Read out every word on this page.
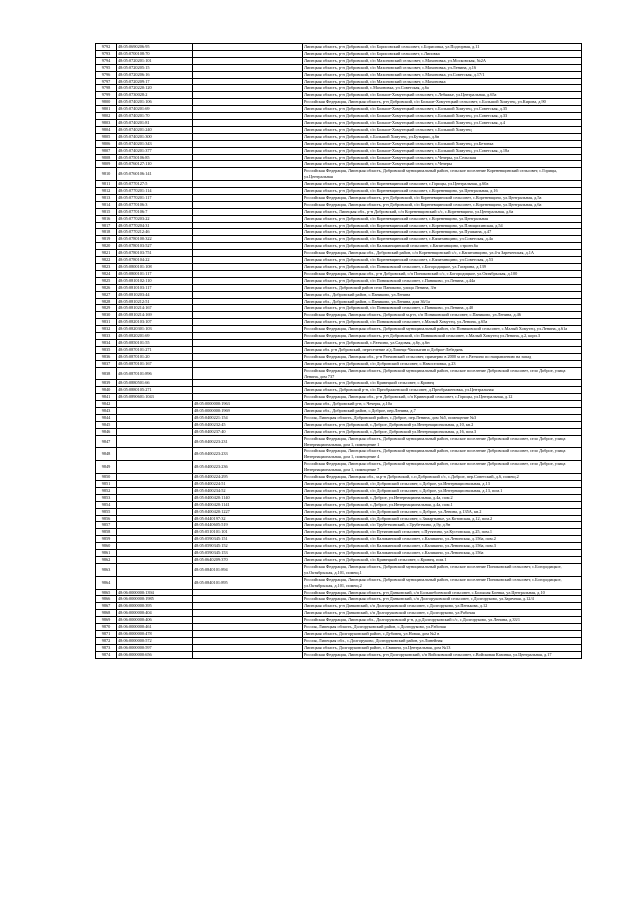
9792	48:05:0690206:95		Липецкая область, р-н Добровский, с/п Борисовский сельсовет, с.Борисовка, ул.Подгорная, д.11
9793	48:05:0700108:70		Липецкая область, р-н Добровский, с/п Борисовский сельсовет, с.Липовка
9794	48:05:0720201:101		Липецкая область, р-н Добровский, с/п Махоновский сельсовет, с.Махоновка, ул.Московская, №2А
9795	48:05:0720205:15		Липецкая область, р-н Добровский, с/п Махоновский сельсовет, с.Махоновка, ул.Ленина, д.16
9796	48:05:0720206:16		Липецкая область, р-н Добровский, с/п Махоновский сельсовет, с.Махоновка, ул.Советская, д.17/1
9797	48:05:0720209:17		Липецкая область, р-н Добровский, с/п Махоновский сельсовет, с.Махоновка
9798	48:05:0720220:120		Липецкая область, р-н Добровский, с.Махоновка, ул.Советская, д.6а
9799	48:05:0730028:2		Липецкая область, р-н Добровский, с/п Больше-Хомутецкий сельсовет, с.Лебяжье, ул.Центральная, д.65а
9800	48:05:0740201:106		Российская Федерация, Липецкая область, р-н Добровский, с/п Больше-Хомутецкий сельсовет, с.Большой Хомутец, ул.Кирова, д.90
9801	48:05:0740201:69		Липецкая область, р-н Добровский, с/п Больше-Хомутецкий сельсовет, с.Большой Хомутец, ул.Советская, д.35
9802	48:05:0740201:70		Липецкая область, р-н Добровский, с/п Больше-Хомутецкий сельсовет, с.Большой Хомутец, ул.Советская, д.33
9803	48:05:0740201:81		Липецкая область, р-н Добровский, с/п Больше-Хомутецкий сельсовет, с.Большой Хомутец, ул.Советская, д.4
9804	48:05:0740201:240		Липецкая область, р-н Добровский, с/п Больше-Хомутецкий сельсовет, с.Большой Хомутец
9805	48:05:0740201:300		Липецкая область, р-н Добровский, с.Большой Хомутец, ул.Бутырки, д.6в
9806	48:05:0740201:343		Липецкая область, р-н Добровский, с/п Больше-Хомутецкий сельсовет, с.Большой Хомутец, ул.Бетонка
9807	48:05:0740201:377		Липецкая область, р-н Добровский, с/п Больше-Хомутецкий сельсовет, с.Большой Хомутец, ул.Советская, д.18а
9808	48:05:0750106:85		Липецкая область, р-н Добровский, с/п Больше-Хомутецкий сельсовет, с.Чечеры, ул.Сельская
9809	48:05:0760127:110		Липецкая область, р-н Добровский, с/п Больше-Хомутецкий сельсовет, с.Чечеры
9810	48:05:0760106:141		Российская Федерация, Липецкая область, Добровский муниципальный район, сельское поселение Кореневщинский сельсовет, с.Горицы, ул.Центральная
9811	48:05:0770127:5		Липецкая область, р-н Добровский, с/п Кореневщинский сельсовет, с.Горицы, ул.Центральная, д.60а
9812	48:05:0770201:114		Липецкая область, р-н Добровский, с/п Кореневщинский сельсовет, с.Кореневщино, ул.Центральная, д.16
9813	48:05:0770201:117		Российская Федерация, Липецкая область, р-н Добровский, с/п Кореневщинский сельсовет, с.Кореневщино, ул.Центральная, д.5а
9814	48:05:0770106:3		Российская Федерация, Липецкая область, р-н Добровский, с/п Кореневщинский сельсовет, с.Кореневщино, ул.Центральная, д.6а
9815	48:05:0770106:7		Липецкая область, Липецкая обл., р-н Добровский, с/п Кореневщинский с/с, с.Кореневщино, ул.Центральная, д.6а
9816	48:05:0770203:22		Липецкая область, р-н Добровский, с/п Кореневщинский сельсовет, с.Кореневщино, ул.Центральная
9817	48:05:0770204:31		Липецкая область, р-н Добровский, с/п Кореневщинский сельсовет, с.Кореневщино, ул.Плющихинская, д.54
9818	48:05:0770212:46		Липецкая область, р-н Добровский, с/п Кореневщинский сельсовет, с.Кореневщино, ул.Пушкина, д.47
9819	48:05:0780100:322		Липецкая область, р-н Добровский, с/п Кореневщинский сельсовет, с.Капитанщино, ул.Советская, д.4а
9820	48:05:0780103:527		Липецкая область, р-н Добровский, с/п Каликинщинский сельсовет, с.Капитанщино, строен.6а
9821	48:05:0780103:751		Российская Федерация, Липецкая обл., Добровский район, с/п Кореневщинский с/с, с.Капитанщино, ул.4-я Зареченская, д.1А
9822	48:05:0780104:22		Липецкая область, р-н Добровский, с/п Кореневщинский сельсовет, с.Капитанщино, ул.Советская, д.53
9823	48:05:0800101:108		Липецкая область, р-н Добровский, с/п Пониковский сельсовет, с.Богородицкое, ул.Гагарина, д.139
9824	48:05:0800101:117		Российская Федерация, Липецкая обл., р-н Добровский, с/п Пониковский с/с, с.Богородицкое, ул.Октябрьская, д.100
9825	48:05:0810102:110		Липецкая область, р-н Добровский, с/п Пониковский сельсовет, с.Паниково, ул.Ленина, д.44а
9826	48:05:0810103:117		Липецкая область, Добровский район село Паниково, улица Ленина, 3/н
9827	48:05:0810203:44		Липецкая обл., Добровский район, с.Паниково, ул.Ленина
9828	48:05:0810212:51		Липецкая обл., Добровский район, с.Паниково, ул.Ленина, дом 36/1а
9829	48:05:0810214:167		Липецкая область, р-н Добровский, с/п Пониковский сельсовет, с.Паниково, ул.Ленина, д.40
9830	48:05:0810214:169		Российская Федерация, Липецкая область, Добровский м.р-н, с/п Пониковский сельсовет, с.Паниково, ул.Ленина, д.46
9831	48:05:0820103:107		Липецкая область, р-н Добровский, с/п Пониковский сельсовет, с.Малый Хомутец, ул.Ленина, д.65а
9832	48:05:0820301:103		Российская Федерация, Липецкая область, Добровский муниципальный район, с/п Пониковский сельсовет, с.Малый Хомутец, ул.Ленина, д.61а
9833	48:05:0820201:69		Российская Федерация, Липецкая область, р-н Добровский, с/п Пониковский сельсовет, с.Малый Хомутец ул.Ленина, д.2, корп.3
9834	48:05:0850101:55		Липецкая область, р-н Добровский, с.Ратчино, ул.Садовая, д.6у, д.6н
9835	48:05:0870101:271		Липецкая обл. р-н Добровский, пересечение а/д Липецк-Чаплыгин и Доброе-Лебедянь
9836	48:05:0870101:20		Российская Федерация, Липецкая обл., р-н Ратчинский сельсовет, примерно в 2000 м от с.Ратчино по направлению на запад
9837	48:05:0870101:167		Липецкая область, р-н Добровский, с/п Добровский сельсовет, с.Навоселовка, д.23
9838	48:05:0870101:896		Российская Федерация, Липецкая область, Добровский муниципальный район, сельское поселение Добровский сельсовет, село Доброе, улица Ленина, дом 737
9839	48:05:0880501:66		Липецкая область, р-н Добровский, с/п Кривецкий сельсовет, с.Кривец
9840	48:05:0880105:271		Липецкая область, Добровский р-н, с/п Преображенский сельсовет, д.Преображеновка, ул.Центральная
9841	48:05:0890601:1043		Российская Федерация, Липецкая обл., р-н Добровский, с/п Кривецкий сельсовет, с.Горицы, ул.Центральная, д.12
9842		48:05:0000000:1963	Липецкая обл., Добровский р-н, с.Чечеры, д.10а
9843		48:05:0000000:1969	Липецкая обл., Добровский район, с.Доброе, пер.Ленина, д.7
9844		48:05:0400221:154	Россия, Липецкая область, Добровский район, с.Доброе, пер.Ленина, дом №5, помещение №3
9845		48:05:0400232:45	Липецкая область, р-н Добровский, с.Доброе, Добровский ул.Интернациональная, д.10, кв.2
9846		48:05:0400237:40	Липецкая область, р-н Добровский, с.Доброе, Добровский ул.Интернациональная, д.16, пом.3
9847		48:05:0400223:231	Российская Федерация, Липецкая область, Добровский муниципальный район, сельское поселение Добровский сельсовет, село Доброе, улица Интернациональная, дом 1, помещение 1
9848		48:05:0400223:233	Российская Федерация, Липецкая область, Добровский муниципальный район, сельское поселение Добровский сельсовет, село Доброе, улица Интернациональная, дом 1, помещение 4
9849		48:05:0400223:236	Российская Федерация, Липецкая область, Добровский муниципальный район, сельское поселение Добровский сельсовет, село Доброе, улица Интернациональная, дом 1, помещение 7
9850		48:05:0400224:295	Российская Федерация, Липецкая обл., м.р-н Добровский, с.п.Добровский с/с, с.Доброе, пер.Советский, д.6, помещ.2
9851		48:05:0400224:51	Липецкая область, р-н Добровский, с/п Добровский сельсовет, с.Доброе, ул.Интернациональная, д.13
9852		48:05:0400234:52	Липецкая область, р-н Добровский, с/п Добровский сельсовет, с.Доброе, ул.Интернациональная, д.13, пом.1
9853		48:05:0400420:1140	Липецкая область, р-н Добровский, с.Доброе, ул.Интернациональная, д.4а, пом.2
9854		48:05:0400420:1141	Липецкая область, р-н Добровский, с.Доброе, ул.Интернациональная, д.4а, пом.1
9855		48:05:0400420:1227	Липецкая область, р-н Добровский, с/п Добровский сельсовет, с.Доброе, ул.Ленина, д.135А, кв.2
9856		48:05:0440197:32	Липецкая область, р-н Добровский, с/п Добровский сельсовет, с.Замартынье, ул.Котовская, д.12, пом.2
9857		48:05:0440605:519	Липецкая область, р-н Добровский, с/п Трубетчинский, с.Трубетчино, д.9у, д.9н
9858		48:05:0510101:101	Липецкая область, р-н Добровский, с/п Путятинский сельсовет, с.Путятино, ул.Кустовская, д.25, пом.1
9859		48:05:0590345:151	Липецкая область, р-н Добровский, с/п Каликинский сельсовет, с.Каликино, ул.Ленинская, д.156а, пом.2
9860		48:05:0590345:152	Липецкая область, р-н Добровский, с/п Каликинский сельсовет, с.Каликино, ул.Ленинская, д.156а, пом.3
9861		48:05:0590345:153	Липецкая область, р-н Добровский, с/п Каликинский сельсовет, с.Каликино, ул.Ленинская, д.156а
9862		48:05:0640209:370	Липецкая область, р-н Добровский, с/п Кривецкий сельсовет, с.Кривец, пом.1
9863		48:05:0840101:894	Российская Федерация, Липецкая область, Добровский муниципальный район, сельское поселение Пониковский сельсовет, с.Богородицкое, ул.Октябрьская, д.101, помещ.1
9864		48:05:0840101:895	Российская Федерация, Липецкая область, Добровский муниципальный район, сельское поселение Пониковский сельсовет, с.Богородицкое, ул.Октябрьская, д.101, помещ.2
9865	48:06:0000000:1394		Российская Федерация, Липецкая область, р-н Данковский, с/п Большебоевский сельсовет, с.Большая Боевка, ул.Центральная, д.10
9866	48:06:0000000:1985		Российская Федерация, Липецкая область, р-н Данковский, с/п Долгоруковский сельсовет, с.Долгоруково, ул.Заречная, д.12/4
9867	48:06:0000000:395		Липецкая область, р-н Данковский, с/п Долгоруковский сельсовет, с.Долгоруково, ул.Пенькова, д.12
9868	48:06:0000000:404		Липецкая область, р-н Данковский, с/п Долгоруковский сельсовет, с.Долгоруково, ул.Рабочая
9869	48:06:0000000:406		Российская Федерация, Липецкая обл., Долгоруковский р-н, д.р.Долгоруковский с/с, с.Долгоруково, ул.Ленина, д.33/1
9870	48:06:0000000:461		Россия, Липецкая область, Долгоруковский район, с.Долгоруково, ул.Рабочая
9871	48:06:0000000:478		Липецкая область, Долгоруковский район, с.Дубовец, ул.Новая, дом №2 в
9872	48:06:0000000:572		Россия, Липецкая обл., с.Долгоруково, Долгоруковский район, ул.Линейная
9873	48:06:0000000:597		Липецкая область, Долгоруковский район, с.Свишни, ул.Центральная, дом №13
9874	48:06:0000000:656		Российская Федерация, Липецкая область, р-н Долгоруковский, с/п Войсковский сельсовет, с.Войсковая Казинка, ул.Центральная, д.17
